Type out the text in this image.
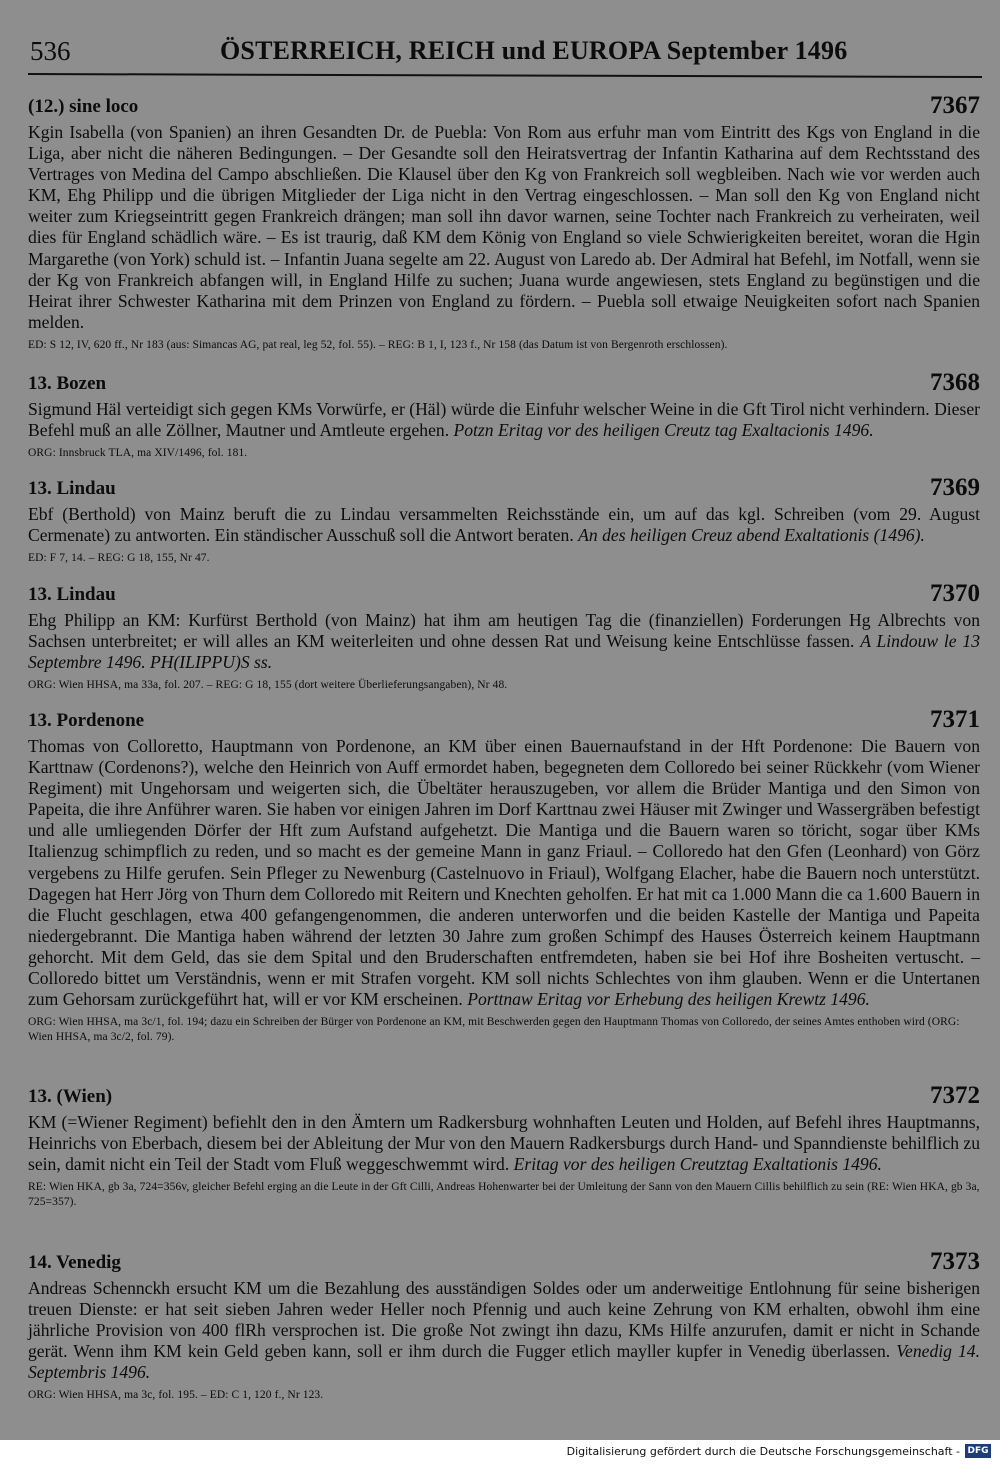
536	ÖSTERREICH, REICH und EUROPA September 1496
(12.) sine loco	7367

Kgin Isabella (von Spanien) an ihren Gesandten Dr. de Puebla: Von Rom aus erfuhr man vom Eintritt des Kgs von England in die Liga, aber nicht die näheren Bedingungen. – Der Gesandte soll den Heiratsvertrag der Infantin Katharina auf dem Rechtsstand des Vertrages von Medina del Campo abschließen. Die Klausel über den Kg von Frankreich soll wegbleiben. Nach wie vor werden auch KM, Ehg Philipp und die übrigen Mitglieder der Liga nicht in den Vertrag eingeschlossen. – Man soll den Kg von England nicht weiter zum Kriegseintritt gegen Frankreich drängen; man soll ihn davor warnen, seine Tochter nach Frankreich zu verheiraten, weil dies für England schädlich wäre. – Es ist traurig, daß KM dem König von England so viele Schwierigkeiten bereitet, woran die Hgin Margarethe (von York) schuld ist. – Infantin Juana segelte am 22. August von Laredo ab. Der Admiral hat Befehl, im Notfall, wenn sie der Kg von Frankreich abfangen will, in England Hilfe zu suchen; Juana wurde angewiesen, stets England zu begünstigen und die Heirat ihrer Schwester Katharina mit dem Prinzen von England zu fördern. – Puebla soll etwaige Neuigkeiten sofort nach Spanien melden.

ED: S 12, IV, 620 ff., Nr 183 (aus: Simancas AG, pat real, leg 52, fol. 55). – REG: B 1, I, 123 f., Nr 158 (das Datum ist von Bergenroth erschlossen).
13. Bozen	7368

Sigmund Häl verteidigt sich gegen KMs Vorwürfe, er (Häl) würde die Einfuhr welscher Weine in die Gft Tirol nicht verhindern. Dieser Befehl muß an alle Zöllner, Mautner und Amtleute ergehen. Potzn Eritag vor des heiligen Creutz tag Exaltacionis 1496.

ORG: Innsbruck TLA, ma XIV/1496, fol. 181.
13. Lindau	7369

Ebf (Berthold) von Mainz beruft die zu Lindau versammelten Reichsstände ein, um auf das kgl. Schreiben (vom 29. August Cermenate) zu antworten. Ein ständischer Ausschuß soll die Antwort beraten. An des heiligen Creuz abend Exaltationis (1496).

ED: F 7, 14. – REG: G 18, 155, Nr 47.
13. Lindau	7370

Ehg Philipp an KM: Kurfürst Berthold (von Mainz) hat ihm am heutigen Tag die (finanziellen) Forderungen Hg Albrechts von Sachsen unterbreitet; er will alles an KM weiterleiten und ohne dessen Rat und Weisung keine Entschlüsse fassen. A Lindouw le 13 Septembre 1496. PH(ILIPPU)S ss.

ORG: Wien HHSA, ma 33a, fol. 207. – REG: G 18, 155 (dort weitere Überlieferungsangaben), Nr 48.
13. Pordenone	7371

Thomas von Colloretto, Hauptmann von Pordenone, an KM über einen Bauernaufstand in der Hft Pordenone: Die Bauern von Karttnaw (Cordenons?), welche den Heinrich von Auff ermordet haben, begegneten dem Colloredo bei seiner Rückkehr (vom Wiener Regiment) mit Ungehorsam und weigerten sich, die Übeltäter herauszugeben, vor allem die Brüder Mantiga und den Simon von Papeita, die ihre Anführer waren. Sie haben vor einigen Jahren im Dorf Karttnau zwei Häuser mit Zwinger und Wassergräben befestigt und alle umliegenden Dörfer der Hft zum Aufstand aufgehetzt. Die Mantiga und die Bauern waren so töricht, sogar über KMs Italienzug schimpflich zu reden, und so macht es der gemeine Mann in ganz Friaul. – Colloredo hat den Gfen (Leonhard) von Görz vergebens zu Hilfe gerufen. Sein Pfleger zu Newenburg (Castelnuovo in Friaul), Wolfgang Elacher, habe die Bauern noch unterstützt. Dagegen hat Herr Jörg von Thurn dem Colloredo mit Reitern und Knechten geholfen. Er hat mit ca 1.000 Mann die ca 1.600 Bauern in die Flucht geschlagen, etwa 400 gefangengenommen, die anderen unterworfen und die beiden Kastelle der Mantiga und Papeita niedergebrannt. Die Mantiga haben während der letzten 30 Jahre zum großen Schimpf des Hauses Österreich keinem Hauptmann gehorcht. Mit dem Geld, das sie dem Spital und den Bruderschaften entfremdeten, haben sie bei Hof ihre Bosheiten vertuscht. – Colloredo bittet um Verständnis, wenn er mit Strafen vorgeht. KM soll nichts Schlechtes von ihm glauben. Wenn er die Untertanen zum Gehorsam zurückgeführt hat, will er vor KM erscheinen. Porttnaw Eritag vor Erhebung des heiligen Krewtz 1496.

ORG: Wien HHSA, ma 3c/1, fol. 194; dazu ein Schreiben der Bürger von Pordenone an KM, mit Beschwerden gegen den Hauptmann Thomas von Colloredo, der seines Amtes enthoben wird (ORG: Wien HHSA, ma 3c/2, fol. 79).
13. (Wien)	7372

KM (=Wiener Regiment) befiehlt den in den Ämtern um Radkersburg wohnhaften Leuten und Holden, auf Befehl ihres Hauptmanns, Heinrichs von Eberbach, diesem bei der Ableitung der Mur von den Mauern Radkersburgs durch Hand- und Spanndienste behilflich zu sein, damit nicht ein Teil der Stadt vom Fluß weggeschwemmt wird. Eritag vor des heiligen Creutztag Exaltationis 1496.

RE: Wien HKA, gb 3a, 724=356v, gleicher Befehl erging an die Leute in der Gft Cilli, Andreas Hohenwarter bei der Umleitung der Sann von den Mauern Cillis behilflich zu sein (RE: Wien HKA, gb 3a, 725=357).
14. Venedig	7373

Andreas Schennckh ersucht KM um die Bezahlung des ausständigen Soldes oder um anderweitige Entlohnung für seine bisherigen treuen Dienste: er hat seit sieben Jahren weder Heller noch Pfennig und auch keine Zehrung von KM erhalten, obwohl ihm eine jährliche Provision von 400 flRh versprochen ist. Die große Not zwingt ihn dazu, KMs Hilfe anzurufen, damit er nicht in Schande gerät. Wenn ihm KM kein Geld geben kann, soll er ihm durch die Fugger etlich mayller kupfer in Venedig überlassen. Venedig 14. Septembris 1496.

ORG: Wien HHSA, ma 3c, fol. 195. – ED: C 1, 120 f., Nr 123.
Digitalisierung gefördert durch die Deutsche Forschungsgemeinschaft - DFG
